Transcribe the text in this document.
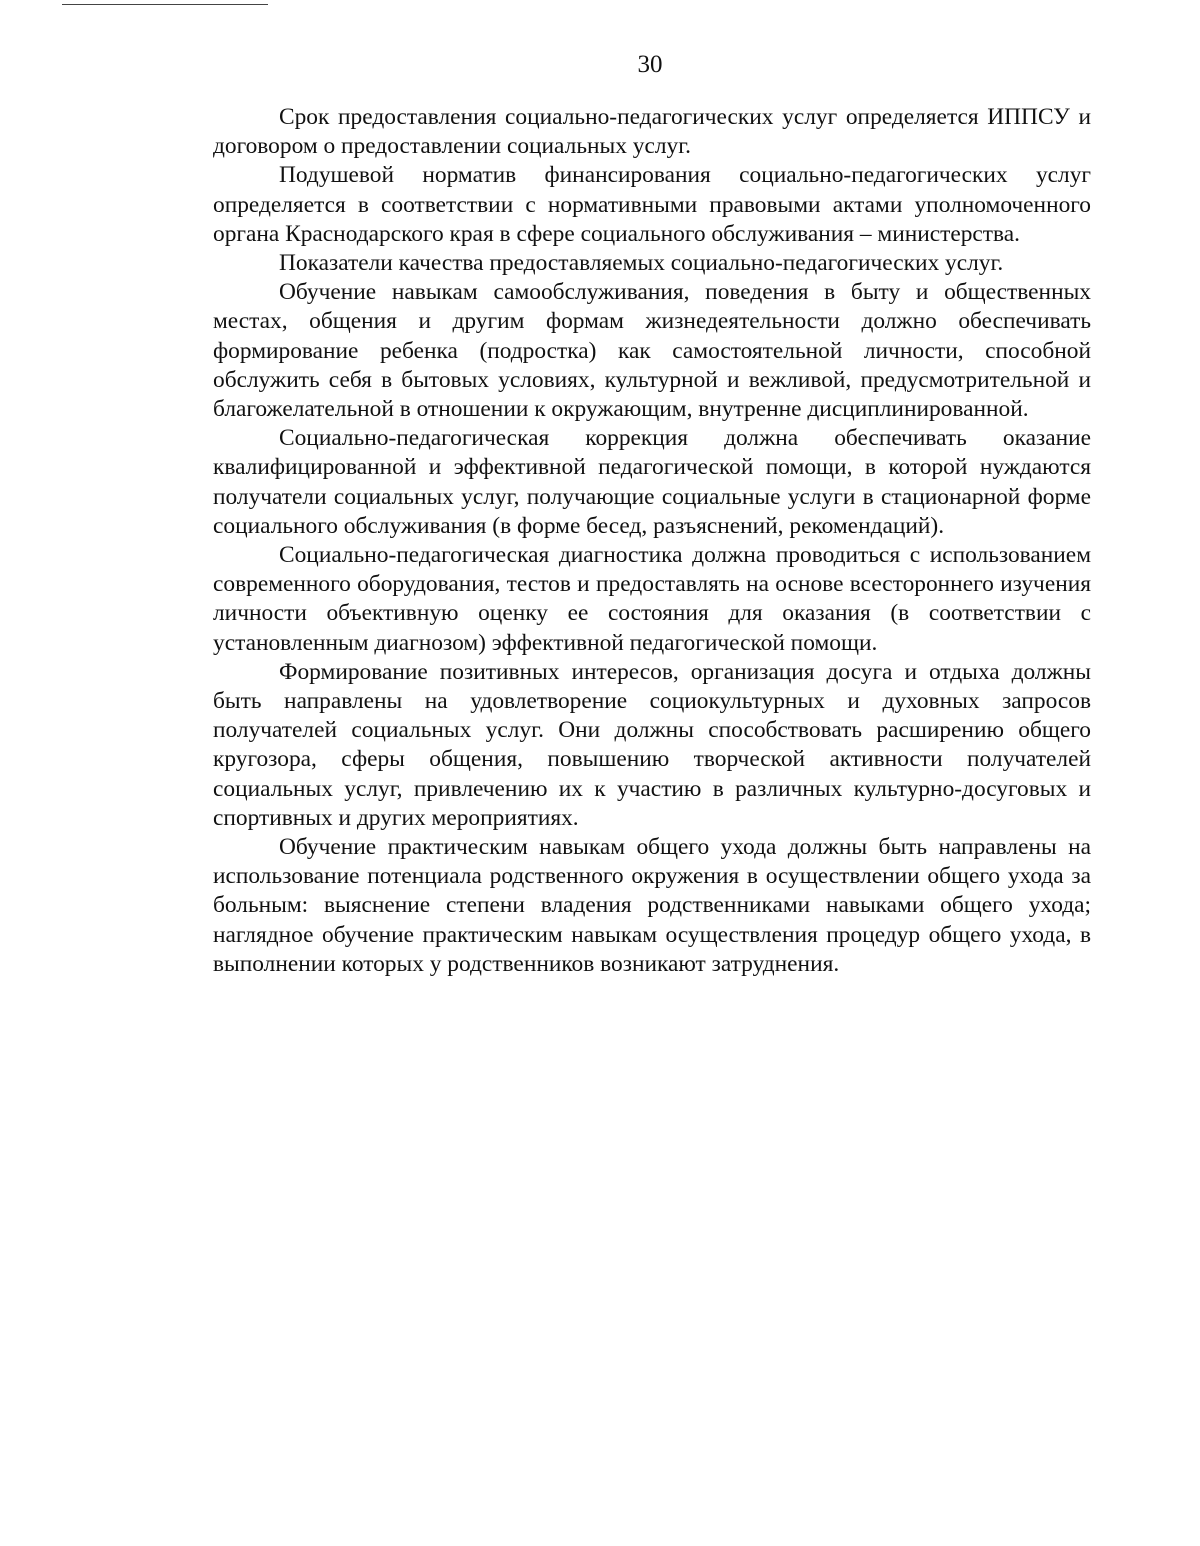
30

Срок предоставления социально-педагогических услуг определяется ИППСУ и договором о предоставлении социальных услуг.

Подушевой норматив финансирования социально-педагогических услуг определяется в соответствии с нормативными правовыми актами уполномоченного органа Краснодарского края в сфере социального обслуживания – министерства.

Показатели качества предоставляемых социально-педагогических услуг.

Обучение навыкам самообслуживания, поведения в быту и общественных местах, общения и другим формам жизнедеятельности должно обеспечивать формирование ребенка (подростка) как самостоятельной личности, способной обслужить себя в бытовых условиях, культурной и вежливой, предусмотрительной и благожелательной в отношении к окружающим, внутренне дисциплинированной.

Социально-педагогическая коррекция должна обеспечивать оказание квалифицированной и эффективной педагогической помощи, в которой нуждаются получатели социальных услуг, получающие социальные услуги в стационарной форме социального обслуживания (в форме бесед, разъяснений, рекомендаций).

Социально-педагогическая диагностика должна проводиться с использованием современного оборудования, тестов и предоставлять на основе всестороннего изучения личности объективную оценку ее состояния для оказания (в соответствии с установленным диагнозом) эффективной педагогической помощи.

Формирование позитивных интересов, организация досуга и отдыха должны быть направлены на удовлетворение социокультурных и духовных запросов получателей социальных услуг. Они должны способствовать расширению общего кругозора, сферы общения, повышению творческой активности получателей социальных услуг, привлечению их к участию в различных культурно-досуговых и спортивных и других мероприятиях.

Обучение практическим навыкам общего ухода должны быть направлены на использование потенциала родственного окружения в осуществлении общего ухода за больным: выяснение степени владения родственниками навыками общего ухода; наглядное обучение практическим навыкам осуществления процедур общего ухода, в выполнении которых у родственников возникают затруднения.
